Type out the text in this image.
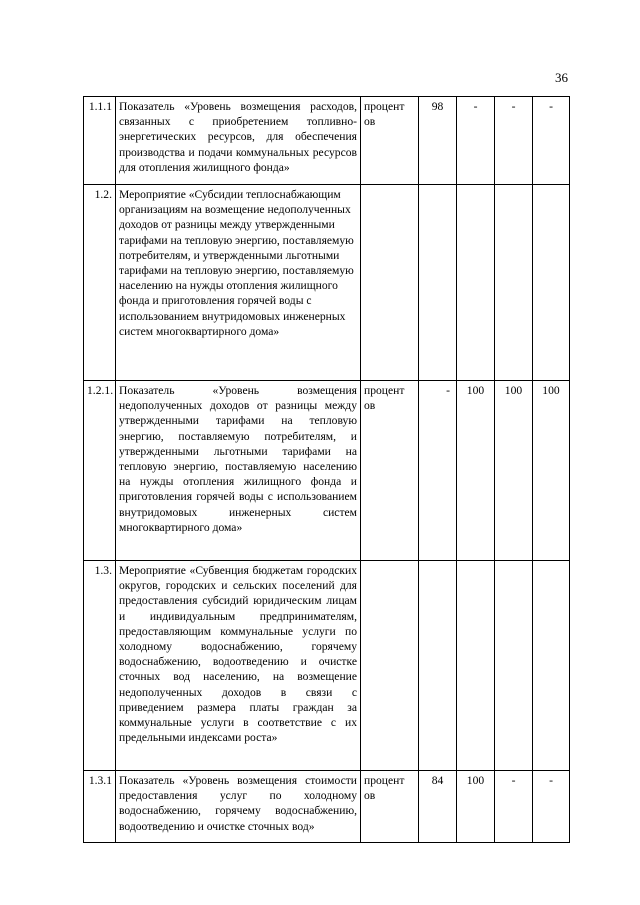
36
1.1.1	Показатель «Уровень возмещения расходов, связанных с приобретением топливно-энергетических ресурсов, для обеспечения производства и подачи коммунальных ресурсов для отопления жилищного фонда»	процент ов	98	-	-	-
1.2.	Мероприятие «Субсидии теплоснабжающим организациям на возмещение недополученных доходов от разницы между утвержденными тарифами на тепловую энергию, поставляемую потребителям, и утвержденными льготными тарифами на тепловую энергию, поставляемую населению на нужды отопления жилищного фонда и приготовления горячей воды с использованием внутридомовых инженерных систем многоквартирного дома»					
1.2.1.	Показатель «Уровень возмещения недополученных доходов от разницы между утвержденными тарифами на тепловую энергию, поставляемую потребителям, и утвержденными льготными тарифами на тепловую энергию, поставляемую населению на нужды отопления жилищного фонда и приготовления горячей воды с использованием внутридомовых инженерных систем многоквартирного дома»	процент ов	-	100	100	100
1.3.	Мероприятие «Субвенция бюджетам городских округов, городских и сельских поселений для предоставления субсидий юридическим лицам и индивидуальным предпринимателям, предоставляющим коммунальные услуги по холодному водоснабжению, горячему водоснабжению, водоотведению и очистке сточных вод населению, на возмещение недополученных доходов в связи с приведением размера платы граждан за коммунальные услуги в соответствие с их предельными индексами роста»					
1.3.1	Показатель «Уровень возмещения стоимости предоставления услуг по холодному водоснабжению, горячему водоснабжению, водоотведению и очистке сточных вод»	процент ов	84	100	-	-
